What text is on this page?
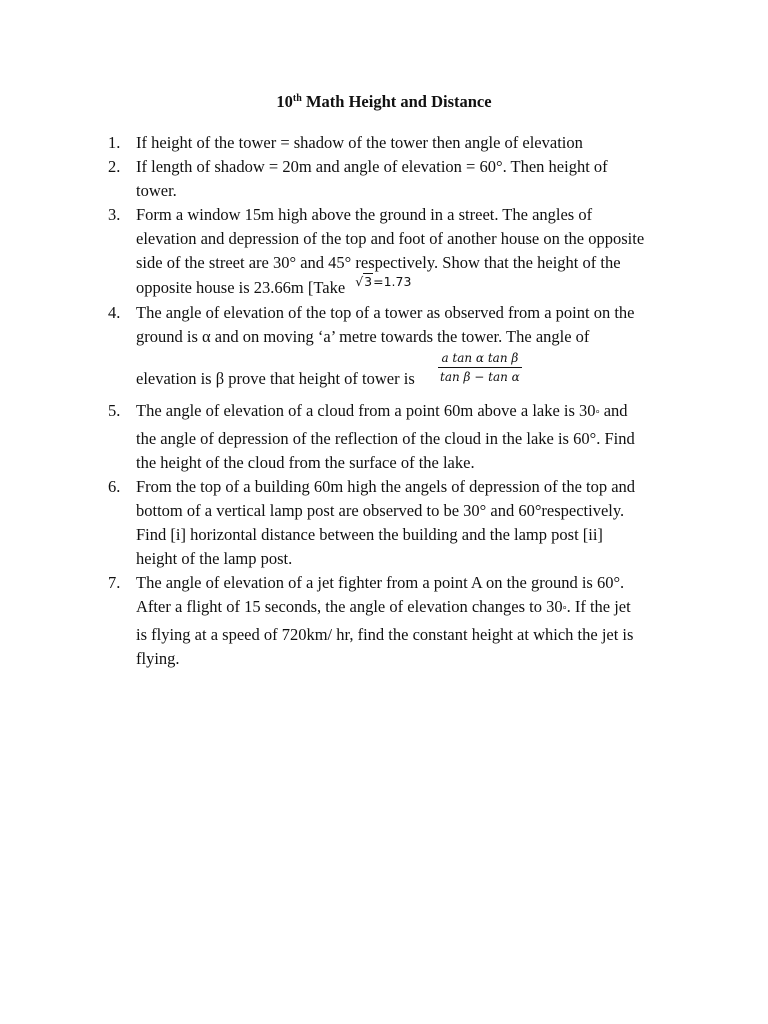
10th Math Height and Distance
1. If height of the tower = shadow of the tower then angle of elevation
2. If length of shadow = 20m and angle of elevation = 60°. Then height of
tower.
3. Form a window 15m high above the ground in a street. The angles of
elevation and depression of the top and foot of another house on the opposite
side of the street are 30° and 45° respectively. Show that the height of the
opposite house is 23.66m [Take √3=1.73
4. The angle of elevation of the top of a tower as observed from a point on the
ground is α and on moving ‘a’ metre towards the tower. The angle of
elevation is β prove that height of tower is $\frac{\text{a tan α tan β}}{\text{tan β − tan α}}$
5. The angle of elevation of a cloud from a point 60m above a lake is 30° and
the angle of depression of the reflection of the cloud in the lake is 60°. Find
the height of the cloud from the surface of the lake.
6. From the top of a building 60m high the angels of depression of the top and
bottom of a vertical lamp post are observed to be 30° and 60°respectively.
Find [i] horizontal distance between the building and the lamp post [ii]
height of the lamp post.
7. The angle of elevation of a jet fighter from a point A on the ground is 60°.
After a flight of 15 seconds, the angle of elevation changes to 30°. If the jet
is flying at a speed of 720km/ hr, find the constant height at which the jet is
flying.
